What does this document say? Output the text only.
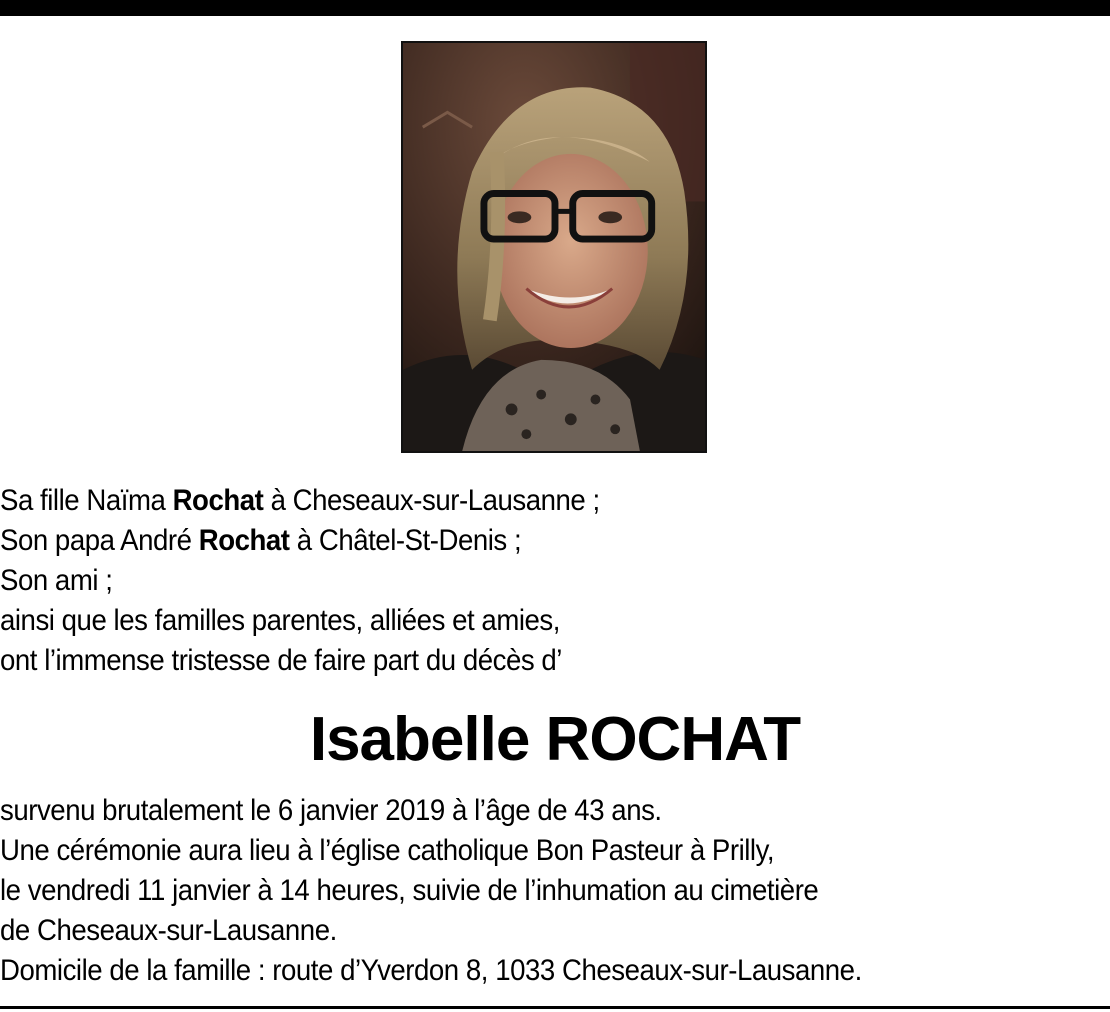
Sa fille Naïma Rochat à Cheseaux-sur-Lausanne ;
Son papa André Rochat à Châtel-St-Denis ;
Son ami ;
ainsi que les familles parentes, alliées et amies,
ont l’immense tristesse de faire part du décès d’
Isabelle ROCHAT
survenu brutalement le 6 janvier 2019 à l’âge de 43 ans.
Une cérémonie aura lieu à l’église catholique Bon Pasteur à Prilly,
le vendredi 11 janvier à 14 heures, suivie de l’inhumation au cimetière
de Cheseaux-sur-Lausanne.
Domicile de la famille : route d’Yverdon 8, 1033 Cheseaux-sur-Lausanne.
